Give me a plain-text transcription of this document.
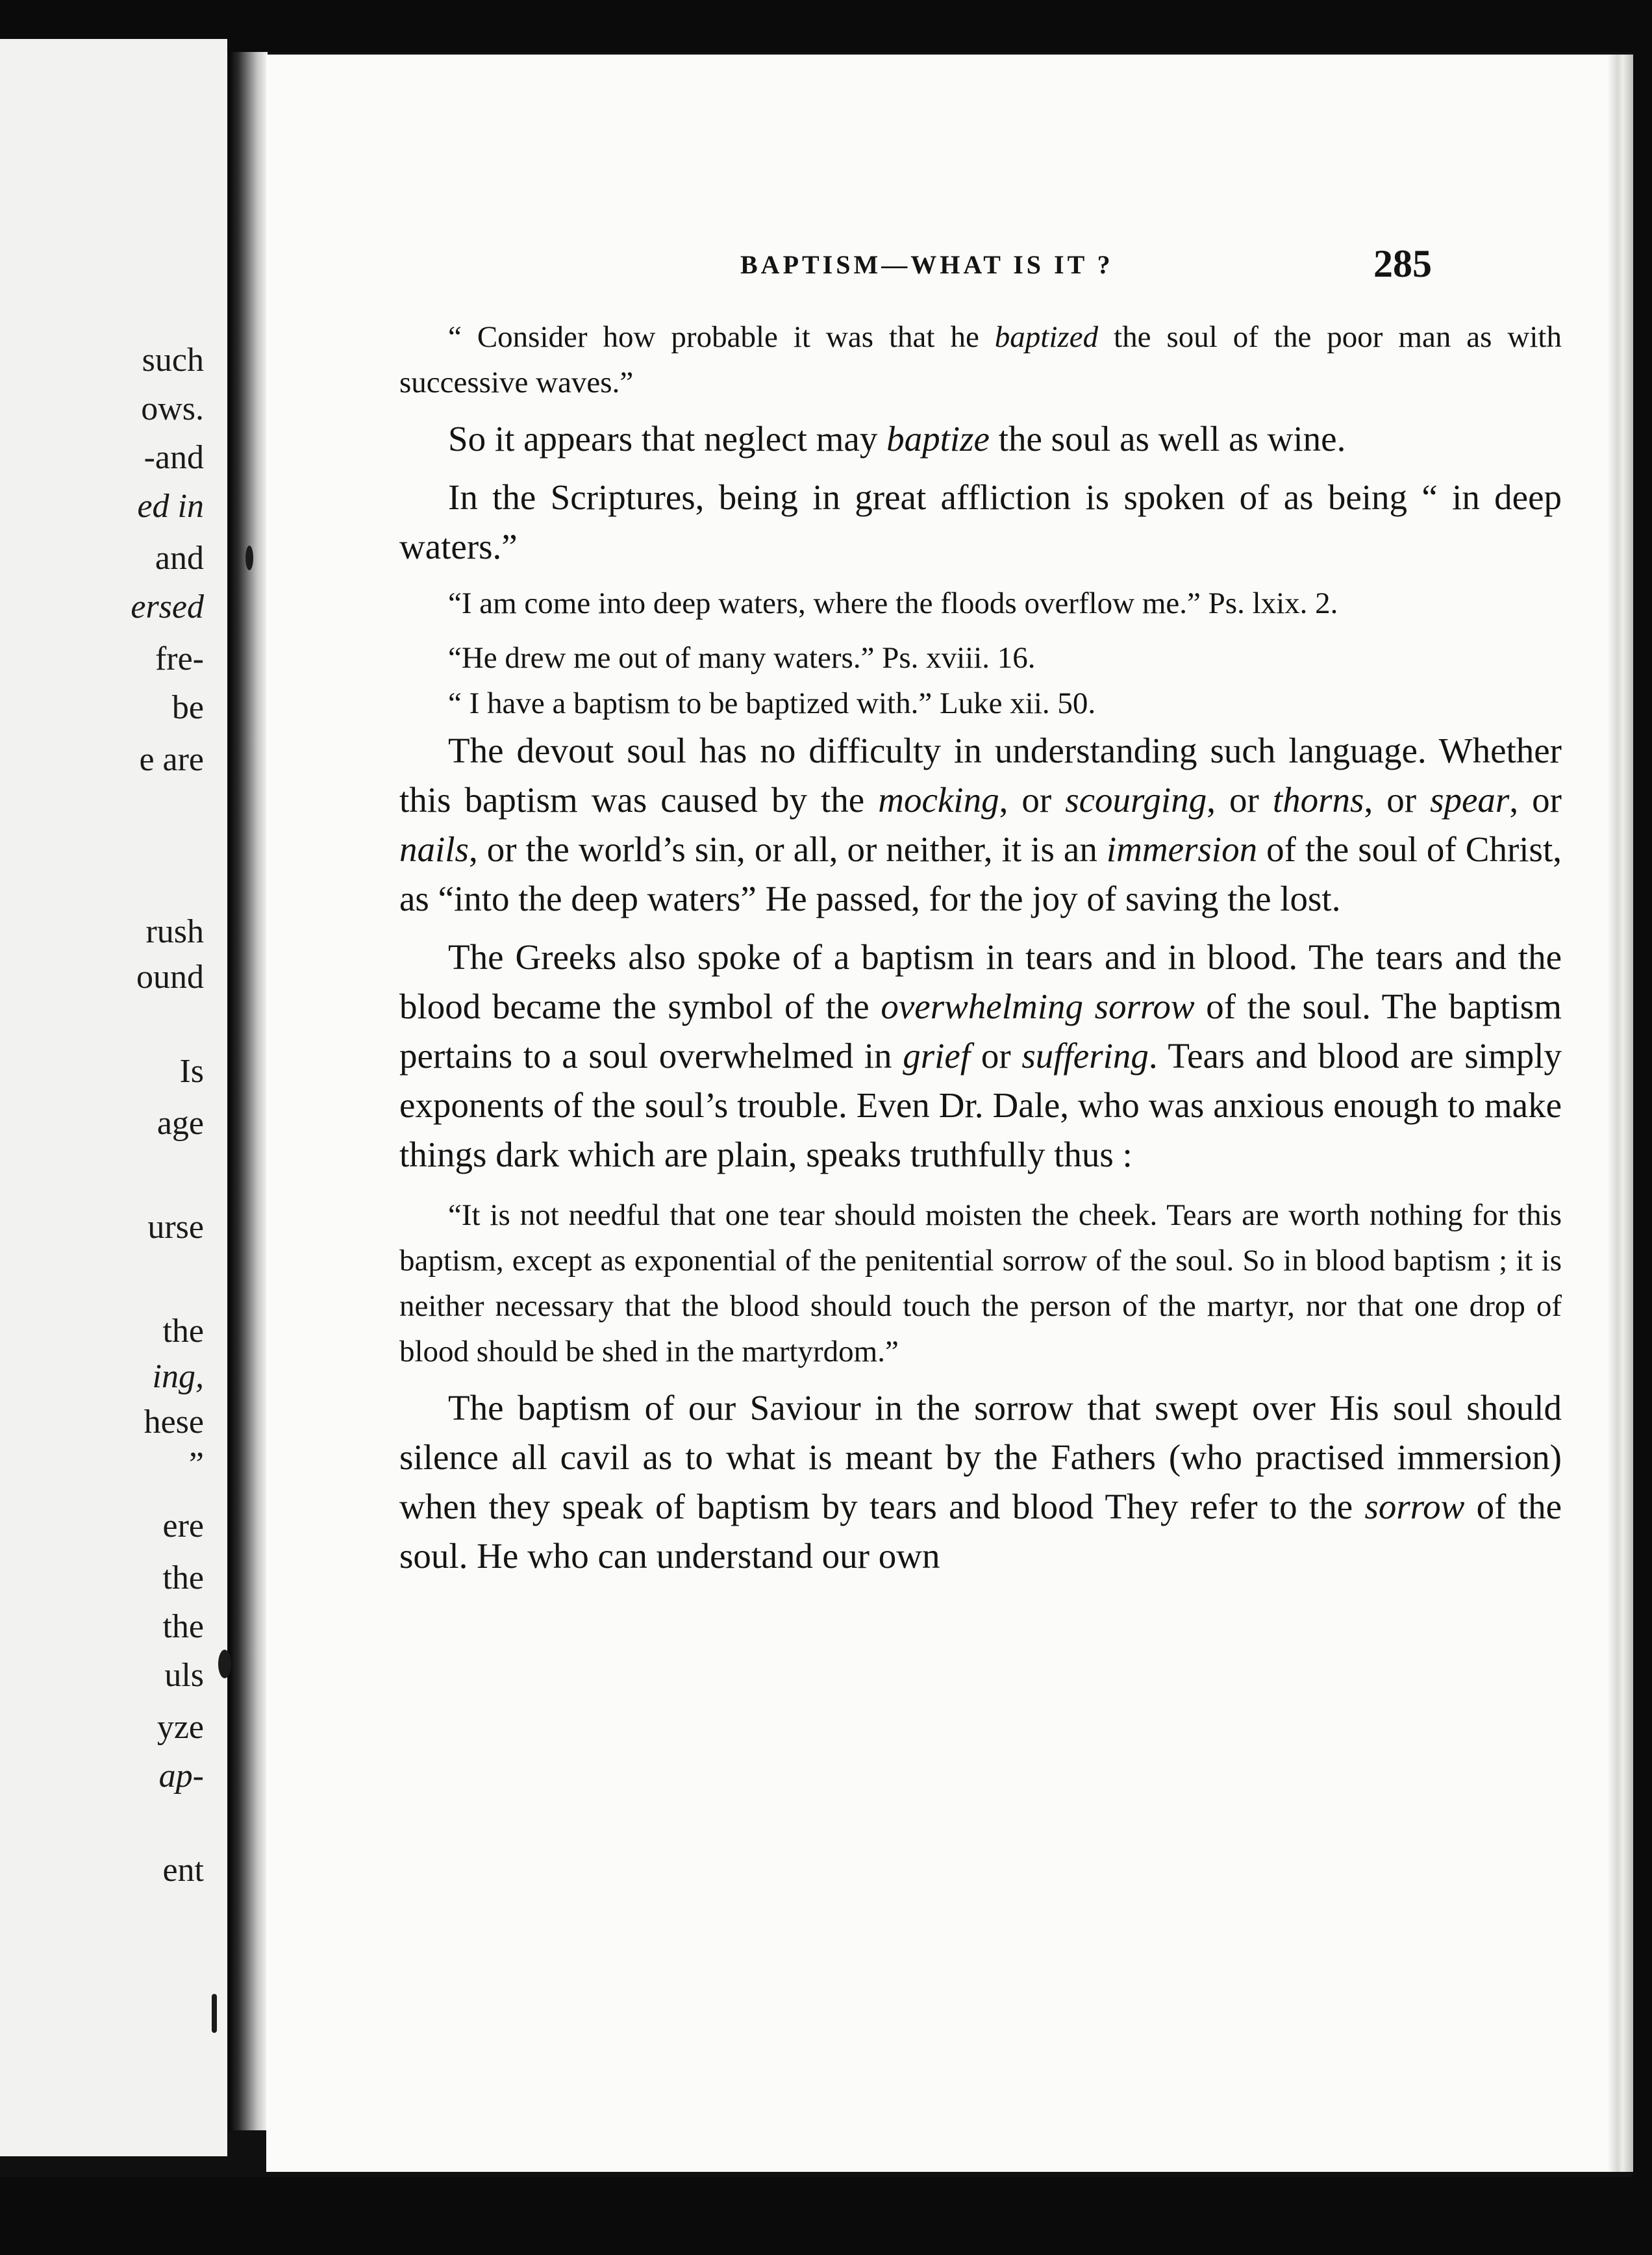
such
ows.
-and
ed in
and
ersed
fre-
be
e are
rush
ound
Is
age
urse
the
ing,
hese
”
ere
the
the
uls
yze
ap-
ent
BAPTISM—WHAT IS IT ?	285

“ Consider how probable it was that he baptized the soul of the poor man as with successive waves.”

So it appears that neglect may baptize the soul as well as wine.

In the Scriptures, being in great affliction is spoken of as being “ in deep waters.”

“I am come into deep waters, where the floods overflow me.” Ps. lxix. 2.

“He drew me out of many waters.” Ps. xviii. 16.

“ I have a baptism to be baptized with.” Luke xii. 50.

The devout soul has no difficulty in understanding such language. Whether this baptism was caused by the mocking, or scourging, or thorns, or spear, or nails, or the world’s sin, or all, or neither, it is an immersion of the soul of Christ, as “into the deep waters” He passed, for the joy of saving the lost.

The Greeks also spoke of a baptism in tears and in blood. The tears and the blood became the symbol of the overwhelming sorrow of the soul. The baptism pertains to a soul overwhelmed in grief or suffering. Tears and blood are simply exponents of the soul’s trouble. Even Dr. Dale, who was anxious enough to make things dark which are plain, speaks truthfully thus :

“It is not needful that one tear should moisten the cheek. Tears are worth nothing for this baptism, except as exponential of the penitential sorrow of the soul. So in blood baptism ; it is neither necessary that the blood should touch the person of the martyr, nor that one drop of blood should be shed in the martyrdom.”

The baptism of our Saviour in the sorrow that swept over His soul should silence all cavil as to what is meant by the Fathers (who practised immersion) when they speak of baptism by tears and blood They refer to the sorrow of the soul. He who can understand our own
